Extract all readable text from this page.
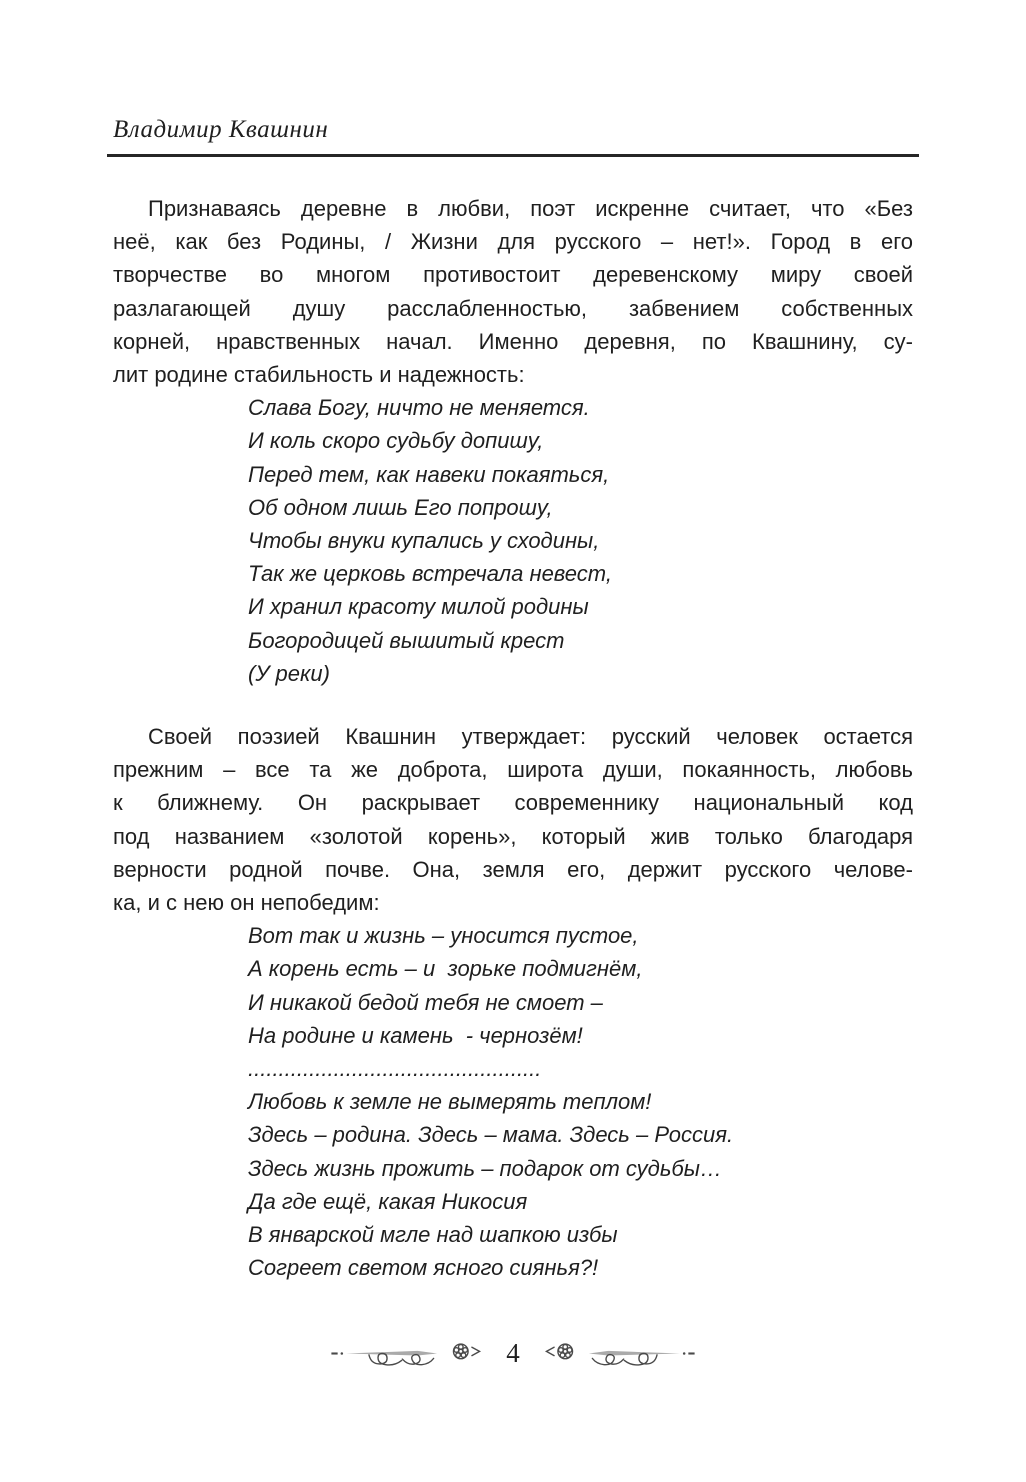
Владимир Квашнин
Признаваясь деревне в любви, поэт искренне считает, что «Без
неё, как без Родины, / Жизни для русского – нет!». Город в его
творчестве во многом противостоит деревенскому миру своей
разлагающей душу расслабленностью, забвением собственных
корней, нравственных начал. Именно деревня, по Квашнину, су-
лит родине стабильность и надежность:
Слава Богу, ничто не меняется.
И коль скоро судьбу допишу,
Перед тем, как навеки покаяться,
Об одном лишь Его попрошу,
Чтобы внуки купались у сходины,
Так же церковь встречала невест,
И хранил красоту милой родины
Богородицей вышитый крест
(У реки)
Своей поэзией Квашнин утверждает: русский человек остается
прежним – все та же доброта, широта души, покаянность, любовь
к ближнему. Он раскрывает современнику национальный код
под названием «золотой корень», который жив только благодаря
верности родной почве. Она, земля его, держит русского челове-
ка, и с нею он непобедим:
Вот так и жизнь – уносится пустое,
А корень есть – и  зорьке подмигнём,
И никакой бедой тебя не смоет –
На родине и камень  - чернозём!
................................................
Любовь к земле не вымерять теплом!
Здесь – родина. Здесь – мама. Здесь – Россия.
Здесь жизнь прожить – подарок от судьбы…
Да где ещё, какая Никосия
В январской мгле над шапкою избы
Согреет светом ясного сиянья?!
4
